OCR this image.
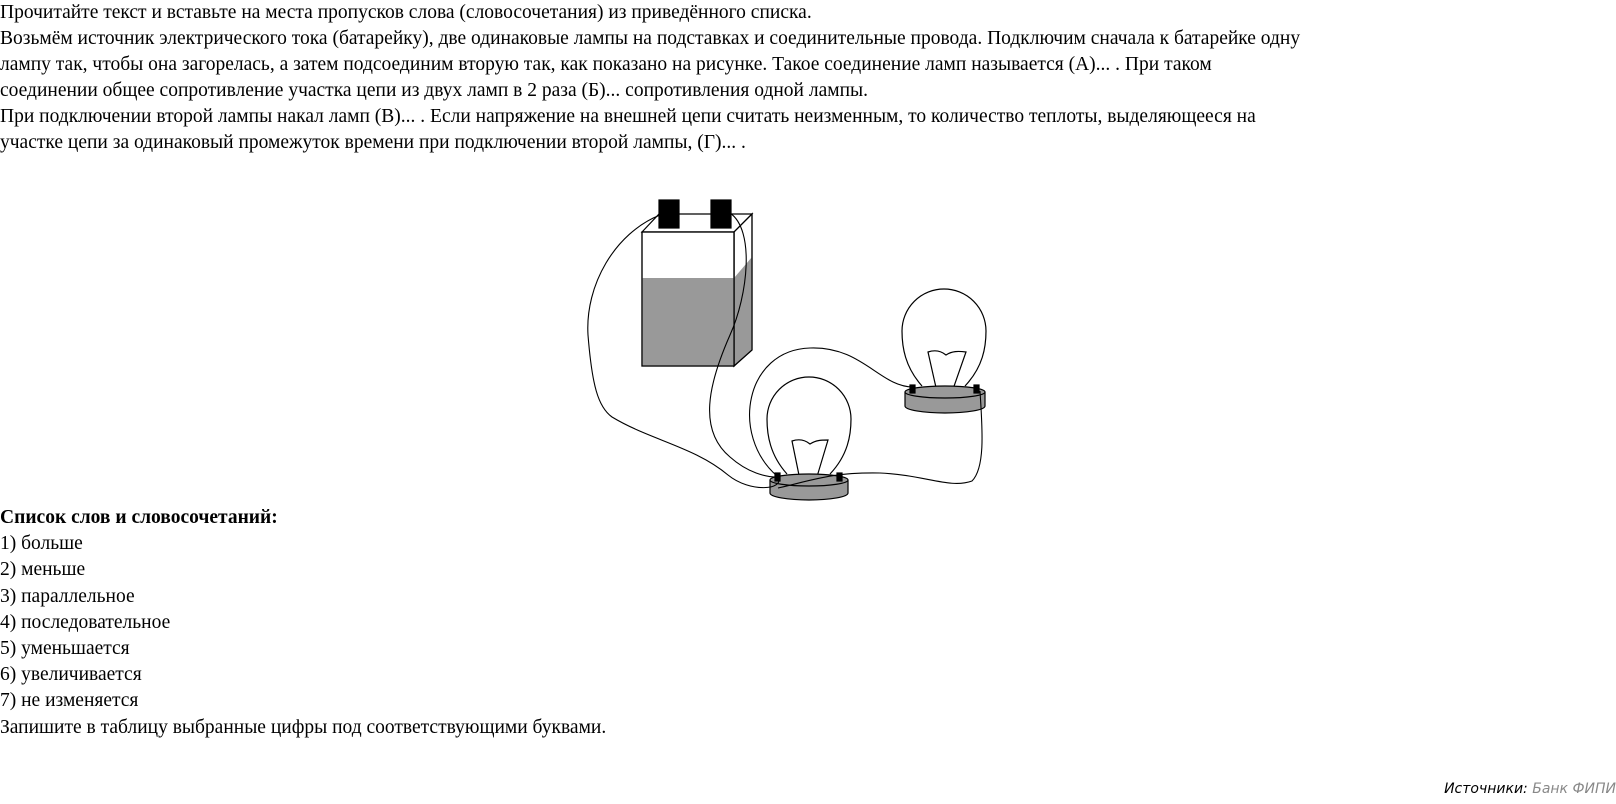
Прочитайте текст и вставьте на места пропусков слова (словосочетания) из приведённого списка.
Возьмём источник электрического тока (батарейку), две одинаковые лампы на подставках и соединительные провода. Подключим сначала к батарейке одну
лампу так, чтобы она загорелась, а затем подсоединим вторую так, как показано на рисунке. Такое соединение ламп называется (А)... . При таком
соединении общее сопротивление участка цепи из двух ламп в 2 раза (Б)... сопротивления одной лампы.
При подключении второй лампы накал ламп (В)... . Если напряжение на внешней цепи считать неизменным, то количество теплоты, выделяющееся на
участке цепи за одинаковый промежуток времени при подключении второй лампы, (Г)... .
Список слов и словосочетаний:
1) больше
2) меньше
3) параллельное
4) последовательное
5) уменьшается
6) увеличивается
7) не изменяется
Запишите в таблицу выбранные цифры под соответствующими буквами.
Источники: Банк ФИПИ
